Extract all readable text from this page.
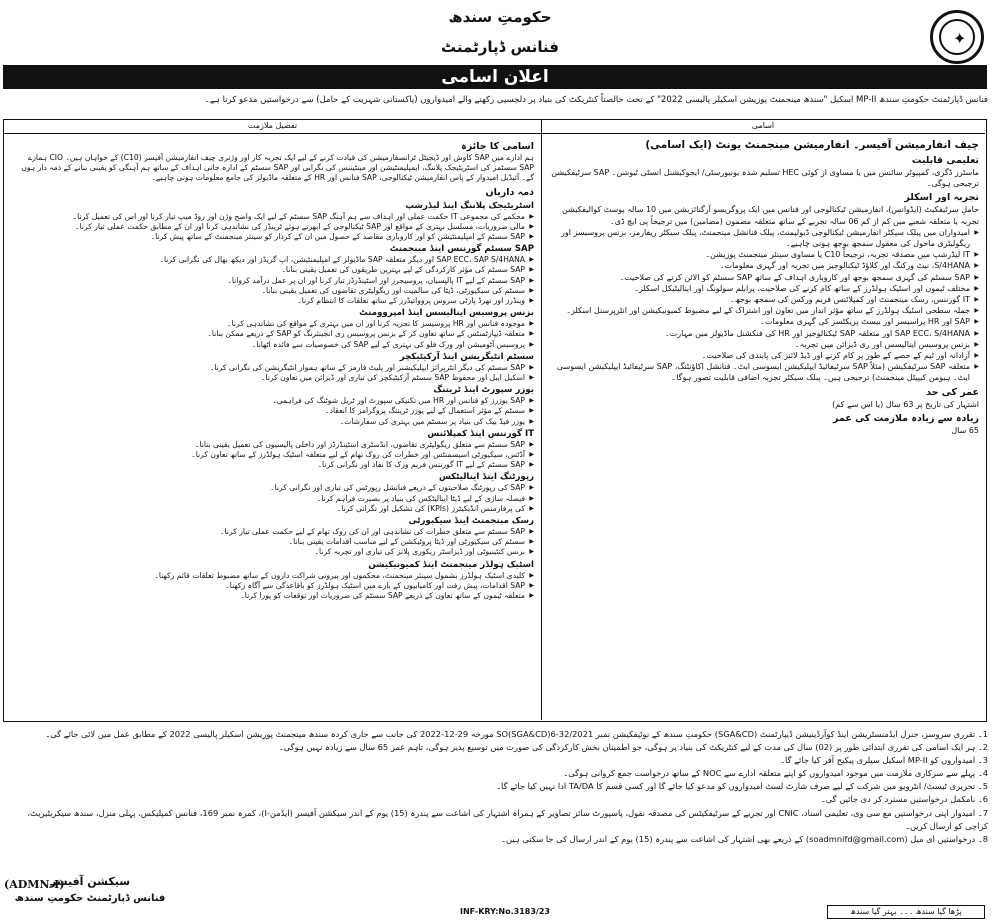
✦
حکومتِ سندھ
فنانس ڈپارٹمنٹ
اعلان اسامی
فنانس ڈپارٹمنٹ حکومتِ سندھ MP-II اسکیل "سندھ مینجمنٹ پوزیشن اسکیلر پالیسی 2022" کے تحت خالصتاً کنٹریکٹ کی بنیاد پر دلچسپی رکھنے والے امیدواروں (پاکستانی شہریت کے حامل) سے درخواستیں مدعو کرتا ہے۔
اسامی
تفصیل ملازمت
چیف انفارمیشن آفیسر۔ انفارمیشن مینجمنٹ یونٹ (ایک اسامی)
تعلیمی قابلیت
ماسٹرز ڈگری، کمپیوٹر سائنس میں یا مساوی از کوئی HEC تسلیم شدہ یونیورسٹی/ ایجوکیشنل انسٹی ٹیوشن۔ SAP سرٹیفکیشن ترجیحی ہوگی۔
تجربہ اور اسکلز
حاملِ سرٹیفکیٹ (ایڈوانس)، انفارمیشن ٹیکنالوجی اور فنانس میں ایک پروگریسو آرگنائزیشن میں 10 سالہ پوسٹ کوالیفکیشن تجربہ یا متعلقہ شعبے میں کم از کم 06 سالہ تجربے کے ساتھ متعلقہ مضمون (مضامین) میں ترجیحاً پی ایچ ڈی۔
▶ امیدواران میں پبلک سیکٹر انفارمیشن ٹیکنالوجی ڈیولپمنٹ، پبلک فنانشل مینجمنٹ، پبلک سیکٹر ریفارمز، بزنس پروسیسز اور ریگولیٹری ماحول کی معقول سمجھ بوجھ ہونی چاہیے۔
▶ IT لیڈرشپ میں مصدقہ تجربہ، ترجیحاً C10 یا مساوی سینئر مینجمنٹ پوزیشن۔
▶ S/4HANA، نیٹ ورکنگ اور کلاؤڈ ٹیکنالوجیز میں تجربہ اور گہری معلومات۔
▶ SAP سسٹم کی گہری سمجھ بوجھ اور کاروباری اہداف کے ساتھ SAP سسٹم کو الائن کرنے کی صلاحیت۔
▶ مختلف ٹیموں اور اسٹیک ہولڈرز کے ساتھ کام کرنے کی صلاحیت، پرابلم سولونگ اور اینالیٹیکل اسکلز۔
▶ IT گورننس، رسک مینجمنٹ اور کمپلائنس فریم ورکس کی سمجھ بوجھ۔
▶ جملہ سطحی اسٹیک ہولڈرز کے ساتھ مؤثر انداز میں تعاون اور اشتراک کے لیے مضبوط کمیونیکیشن اور انٹرپرسنل اسکلز۔
▶ SAP اور HR پراسیسز اور بیسٹ پریکٹسز کی گہری معلومات۔
▶ SAP ECC، S/4HANA اور متعلقہ SAP ٹیکنالوجیز اور HR کی فنکشنل ماڈیولز میں مہارت۔
▶ بزنس پروسیس اینالیسس اور ری ڈیزائن میں تجربہ۔
▶ آزادانہ اور ٹیم کے حصے کے طور پر کام کرنے اور ڈیڈ لائنز کی پابندی کی صلاحیت۔
▶ متعلقہ SAP سرٹیفکیشن (مثلاً SAP سرٹیفائیڈ ایپلیکیشن ایسوسی ایٹ۔ فنانشل اکاؤنٹنگ، SAP سرٹیفائیڈ ایپلیکیشن ایسوسی ایٹ۔ ہیومن کیپیٹل مینجمنٹ) ترجیحی ہیں۔ پبلک سیکٹر تجربہ اضافی قابلیت تصور ہوگا۔
عمر کی حد
اشتہار کی تاریخ پر 63 سال (یا اس سے کم)
زیادہ سے زیادہ ملازمت کی عمر
65 سال
اسامی کا جائزہ
ہم ادارے میں SAP کاوش اور ڈیجیٹل ٹرانسفارمیشن کی قیادت کرنے کے لیے ایک تجربہ کار اور وژنری چیف انفارمیشن آفیسر (C10) کے خواہاں ہیں۔ CIO ہمارے SAP سسٹمز کی اسٹریٹیجک پلاننگ، ایمپلیمنٹیشن اور مینٹیننس کی نگرانی اور SAP سسٹم کے ادارہ جاتی اہداف کے ساتھ ہم آہنگی کو یقینی بنانے کے ذمہ دار ہوں گے۔ آئیڈیل امیدوار کے پاس انفارمیشن ٹیکنالوجی، SAP فنانس اور HR کے متعلقہ ماڈیولز کی جامع معلومات ہونی چاہیے۔
ذمہ داریاں
اسٹریٹیجک پلاننگ اینڈ لیڈرشپ
▶ محکمے کی مجموعی IT حکمت عملی اور اہداف سے ہم آہنگ SAP سسٹم کے لیے ایک واضح وژن اور روڈ میپ تیار کرنا اور اس کی تعمیل کرنا۔
▶ مالی ضروریات، مسلسل بہتری کے مواقع اور SAP ٹیکنالوجی کے ابھرتے ہوئے ٹرینڈز کی نشاندہی کرنا اور ان کے مطابق حکمت عملی تیار کرنا۔
▶ SAP سسٹم کے امپلیمنٹیشن کو اور کاروباری مقاصد کے حصول میں ان کے کردار کو سینئر مینجمنٹ کے ساتھ پیش کرنا۔
SAP سسٹم گورننس اینڈ مینجمنٹ
▶ SAP ECC، SAP S/4HANA اور دیگر متعلقہ SAP ماڈیولز کے امپلیمنٹیشن، اپ گریڈز اور دیکھ بھال کی نگرانی کرنا۔
▶ SAP سسٹم کی مؤثر کارکردگی کے لیے بہترین طریقوں کی تعمیل یقینی بنانا۔
▶ SAP سسٹم کے لیے IT پالیسیاں، پروسیجرز اور اسٹینڈرڈز تیار کرنا اور ان پر عمل درآمد کروانا۔
▶ سسٹم کی سیکیورٹی، ڈیٹا کی سالمیت اور ریگولیٹری تقاضوں کی تعمیل یقینی بنانا۔
▶ وینڈرز اور تھرڈ پارٹی سروس پرووائیڈرز کے ساتھ تعلقات کا انتظام کرنا۔
بزنس پروسیس اینالیسس اینڈ امپروومنٹ
▶ موجودہ فنانس اور HR پروسیسز کا تجزیہ کرنا اور ان میں بہتری کے مواقع کی نشاندہی کرنا۔
▶ متعلقہ ڈیپارٹمنٹس کے ساتھ تعاون کر کے بزنس پروسیس ری انجینئرنگ کو SAP کے ذریعے ممکن بنانا۔
▶ پروسیس آٹومیشن اور ورک فلو کی بہتری کے لیے SAP کی خصوصیات سے فائدہ اٹھانا۔
سسٹم انٹیگریشن اینڈ آرکیٹیکچر
▶ SAP سسٹم کی دیگر انٹرپرائز ایپلیکیشنز اور پلیٹ فارمز کے ساتھ ہموار انٹیگریشن کی نگرانی کرنا۔
▶ اسکیل ایبل اور محفوظ SAP سسٹم آرکیٹیکچر کی تیاری اور ڈیزائن میں تعاون کرنا۔
یوزر سپورٹ اینڈ ٹریننگ
▶ SAP یوزرز کو فنانس اور HR میں تکنیکی سپورٹ اور ٹربل شوٹنگ کی فراہمی۔
▶ سسٹم کے مؤثر استعمال کے لیے یوزر ٹریننگ پروگرامز کا انعقاد۔
▶ یوزر فیڈ بیک کی بنیاد پر سسٹم میں بہتری کی سفارشات۔
IT گورننس اینڈ کمپلائنس
▶ SAP سسٹم سے متعلق ریگولیٹری تقاضوں، انڈسٹری اسٹینڈرڈز اور داخلی پالیسیوں کی تعمیل یقینی بنانا۔
▶ آڈٹس، سیکیورٹی اسیسمنٹس اور خطرات کی روک تھام کے لیے متعلقہ اسٹیک ہولڈرز کے ساتھ تعاون کرنا۔
▶ SAP سسٹم کے لیے IT گورننس فریم ورک کا نفاذ اور نگرانی کرنا۔
رپورٹنگ اینڈ اینالیٹکس
▶ SAP کی رپورٹنگ صلاحیتوں کے ذریعے فنانشل رپورٹس کی تیاری اور نگرانی کرنا۔
▶ فیصلہ سازی کے لیے ڈیٹا اینالیٹکس کی بنیاد پر بصیرت فراہم کرنا۔
▶ کی پرفارمنس انڈیکیٹرز (KPIs) کی تشکیل اور نگرانی کرنا۔
رسک مینجمنٹ اینڈ سیکیورٹی
▶ SAP سسٹم سے متعلق خطرات کی نشاندہی اور ان کی روک تھام کے لیے حکمت عملی تیار کرنا۔
▶ سسٹم کی سیکیورٹی اور ڈیٹا پروٹیکشن کے لیے مناسب اقدامات یقینی بنانا۔
▶ بزنس کنٹینیوٹی اور ڈیزاسٹر ریکوری پلانز کی تیاری اور تجربہ کرنا۔
اسٹیک ہولڈر مینجمنٹ اینڈ کمیونیکیشن
▶ کلیدی اسٹیک ہولڈرز بشمول سینئر مینجمنٹ، محکموں اور بیرونی شراکت داروں کے ساتھ مضبوط تعلقات قائم رکھنا۔
▶ SAP اقدامات، پیش رفت اور کامیابیوں کے بارے میں اسٹیک ہولڈرز کو باقاعدگی سے آگاہ رکھنا۔
▶ متعلقہ ٹیموں کے ساتھ تعاون کے ذریعے SAP سسٹم کی ضروریات اور توقعات کو پورا کرنا۔
1۔ تقرری سروسز، جنرل ایڈمنسٹریشن اینڈ کوآرڈینیشن ڈیپارٹمنٹ (SGA&CD) حکومتِ سندھ کے نوٹیفکیشن نمبر SO(SGA&CD)6-32/2021 مورخہ 29-12-2022 کی جانب سے جاری کردہ سندھ مینجمنٹ پوزیشن اسکیلر پالیسی 2022 کے مطابق عمل میں لائی جائے گی۔
2۔ ہر ایک اسامی کی تقرری ابتدائی طور پر (02) سال کی مدت کے لیے کنٹریکٹ کی بنیاد پر ہوگی، جو اطمینان بخش کارکردگی کی صورت میں توسیع پذیر ہوگی، تاہم عمر 65 سال سے زیادہ نہیں ہوگی۔
3۔ امیدواروں کو MP-II اسکیل سیلری پیکیج آفر کیا جائے گا۔
4۔ پہلے سے سرکاری ملازمت میں موجود امیدواروں کو اپنے متعلقہ ادارے سے NOC کے ساتھ درخواست جمع کروانی ہوگی۔
5۔ تحریری ٹیسٹ/ انٹرویو میں شرکت کے لیے صرف شارٹ لسٹ امیدواروں کو مدعو کیا جائے گا اور کسی قسم کا TA/DA ادا نہیں کیا جائے گا۔
6۔ نامکمل درخواستیں مسترد کر دی جائیں گی۔
7۔ امیدوار اپنی درخواستیں مع سی وی، تعلیمی اسناد، CNIC اور تجربے کے سرٹیفکیٹس کی مصدقہ نقول، پاسپورٹ سائز تصاویر کے ہمراہ اشتہار کی اشاعت سے پندرہ (15) یوم کے اندر سیکشن آفیسر (ایڈمن-I)، کمرہ نمبر 169، فنانس کمپلیکس، پہلی منزل، سندھ سیکریٹیریٹ، کراچی کو ارسال کریں۔
8۔ درخواستیں ای میل (soadmnifd@gmail.com) کے ذریعے بھی اشتہار کی اشاعت سے پندرہ (15) یوم کے اندر ارسال کی جا سکتی ہیں۔
سیکشن آفیسر
فنانس ڈپارٹمنٹ حکومتِ سندھ
(ADMN-I)
INF-KRY:No.3183/23	پڑھا گیا سندھ ۔۔۔ بہتر گیا سندھ
